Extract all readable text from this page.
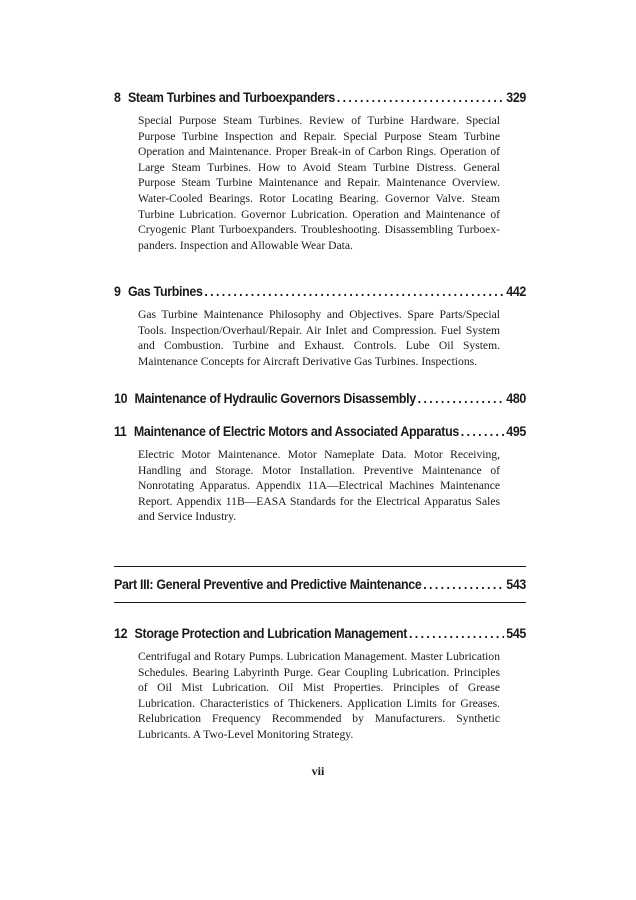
8 Steam Turbines and Turboexpanders . . .	329
Special Purpose Steam Turbines. Review of Turbine Hardware. Special Purpose Turbine Inspection and Repair. Special Purpose Steam Turbine Operation and Maintenance. Proper Break-in of Carbon Rings. Operation of Large Steam Turbines. How to Avoid Steam Turbine Distress. General Purpose Steam Turbine Maintenance and Repair. Maintenance Overview. Water-Cooled Bearings. Rotor Locating Bearing. Governor Valve. Steam Turbine Lubrication. Governor Lubrication. Operation and Maintenance of Cryogenic Plant Turboexpanders. Troubleshooting. Disassembling Turboexpanders. Inspection and Allowable Wear Data.
9 Gas Turbines . . .	442
Gas Turbine Maintenance Philosophy and Objectives. Spare Parts/Special Tools. Inspection/Overhaul/Repair. Air Inlet and Compression. Fuel System and Combustion. Turbine and Exhaust. Controls. Lube Oil System. Maintenance Concepts for Aircraft Derivative Gas Turbines. Inspections.
10 Maintenance of Hydraulic Governors Disassembly . . .	480
11 Maintenance of Electric Motors and Associated Apparatus . . .	495
Electric Motor Maintenance. Motor Nameplate Data. Motor Receiving, Handling and Storage. Motor Installation. Preventive Maintenance of Nonrotating Apparatus. Appendix 11A—Electrical Machines Maintenance Report. Appendix 11B—EASA Standards for the Electrical Apparatus Sales and Service Industry.
Part III: General Preventive and Predictive Maintenance . . .	543
12 Storage Protection and Lubrication Management . . .	545
Centrifugal and Rotary Pumps. Lubrication Management. Master Lubrication Schedules. Bearing Labyrinth Purge. Gear Coupling Lubrication. Principles of Oil Mist Lubrication. Oil Mist Properties. Principles of Grease Lubrication. Characteristics of Thickeners. Application Limits for Greases. Relubrication Frequency Recommended by Manufacturers. Synthetic Lubricants. A Two-Level Monitoring Strategy.
vii
